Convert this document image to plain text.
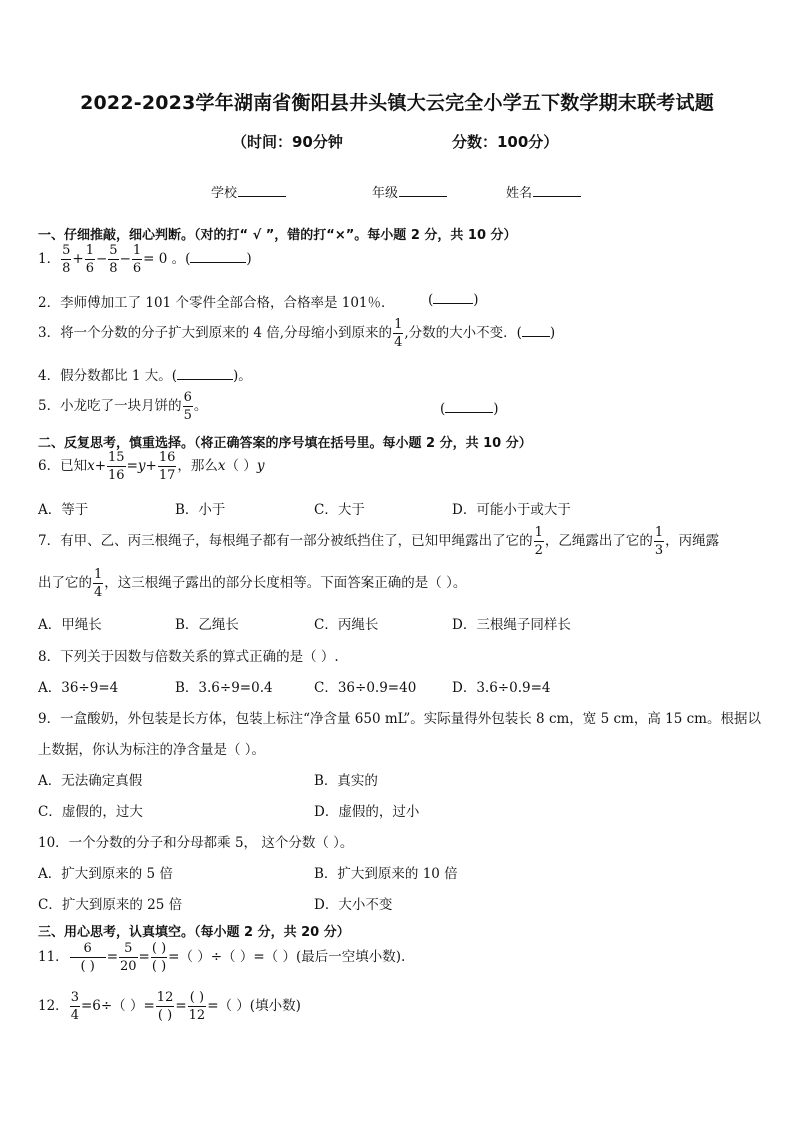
2022-2023学年湖南省衡阳县井头镇大云完全小学五下数学期末联考试题
（时间：90分钟	分数：100分）
学校	年级	姓名
一、仔细推敲，细心判断。（对的打“ √ ”，错的打“×”。每小题 2 分，共 10 分）
1． $\frac{5}{8} + \frac{1}{6} - \frac{5}{8} - \frac{1}{6} = 0$ 。(	)
2．李师傅加工了 101 个零件全部合格，合格率是 101％． (	)
3．将一个分数的分子扩大到原来的 4 倍,分母缩小到原来的 $\frac{1}{4}$ ,分数的大小不变．( )
4．假分数都比 1 大。(	)。
5．小龙吃了一块月饼的 $\frac{6}{5}$ 。	(	)
二、反复思考，慎重选择。（将正确答案的序号填在括号里。每小题 2 分，共 10 分）
6．已知$x+ \frac{15}{16} =y+ \frac{16}{17}$ ，那么x（ ）y
A．等于	B．小于	C．大于	D．可能小于或大于
7．有甲、乙、丙三根绳子，每根绳子都有一部分被纸挡住了，已知甲绳露出了它的 $\frac{1}{2}$ ，乙绳露出了它的 $\frac{1}{3}$ ，丙绳露
出了它的 $\frac{1}{4}$ ，这三根绳子露出的部分长度相等。下面答案正确的是（ ）。
A．甲绳长	B．乙绳长	C．丙绳长	D．三根绳子同样长
8．下列关于因数与倍数关系的算式正确的是（ ）.
A．36÷9=4	B．3.6÷9=0.4	C．36÷0.9=40	D．3.6÷0.9=4
9．一盒酸奶，外包装是长方体，包装上标注“净含量 650 mL”。实际量得外包装长 8 cm，宽 5 cm，高 15 cm。根据以
上数据，你认为标注的净含量是（ ）。
A．无法确定真假	B．真实的
C．虚假的，过大	D．虚假的，过小
10．一个分数的分子和分母都乘 5， 这个分数（ ）。
A．扩大到原来的 5 倍	B．扩大到原来的 10 倍
C．扩大到原来的 25 倍	D．大小不变
三、用心思考，认真填空。（每小题 2 分，共 20 分）
11． $\frac{6}{( )} = \frac{5}{20} = \frac{( )}{( )}$ =（ ）÷（ ）=（ ）(最后一空填小数).
12． $\frac{3}{4} =6\div$（ ）= $\frac{12}{( )} = \frac{( )}{12}$ =（ ）(填小数)
